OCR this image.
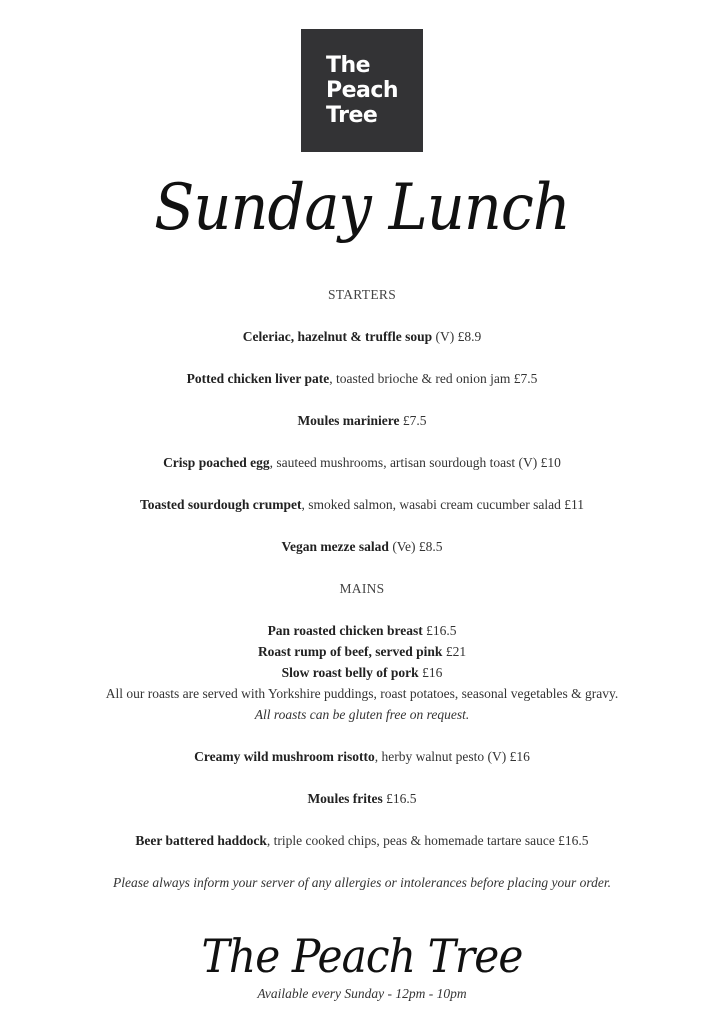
The
Peach
Tree
Sunday Lunch
STARTERS
Celeriac, hazelnut & truffle soup (V) £8.9
Potted chicken liver pate, toasted brioche & red onion jam £7.5
Moules mariniere £7.5
Crisp poached egg, sauteed mushrooms, artisan sourdough toast (V) £10
Toasted sourdough crumpet, smoked salmon, wasabi cream cucumber salad £11
Vegan mezze salad (Ve) £8.5
MAINS
Pan roasted chicken breast £16.5
Roast rump of beef, served pink £21
Slow roast belly of pork £16
All our roasts are served with Yorkshire puddings, roast potatoes, seasonal vegetables & gravy.
All roasts can be gluten free on request.
Creamy wild mushroom risotto, herby walnut pesto (V) £16
Moules frites £16.5
Beer battered haddock, triple cooked chips, peas & homemade tartare sauce £16.5
Please always inform your server of any allergies or intolerances before placing your order.
The Peach Tree
Available every Sunday - 12pm - 10pm
